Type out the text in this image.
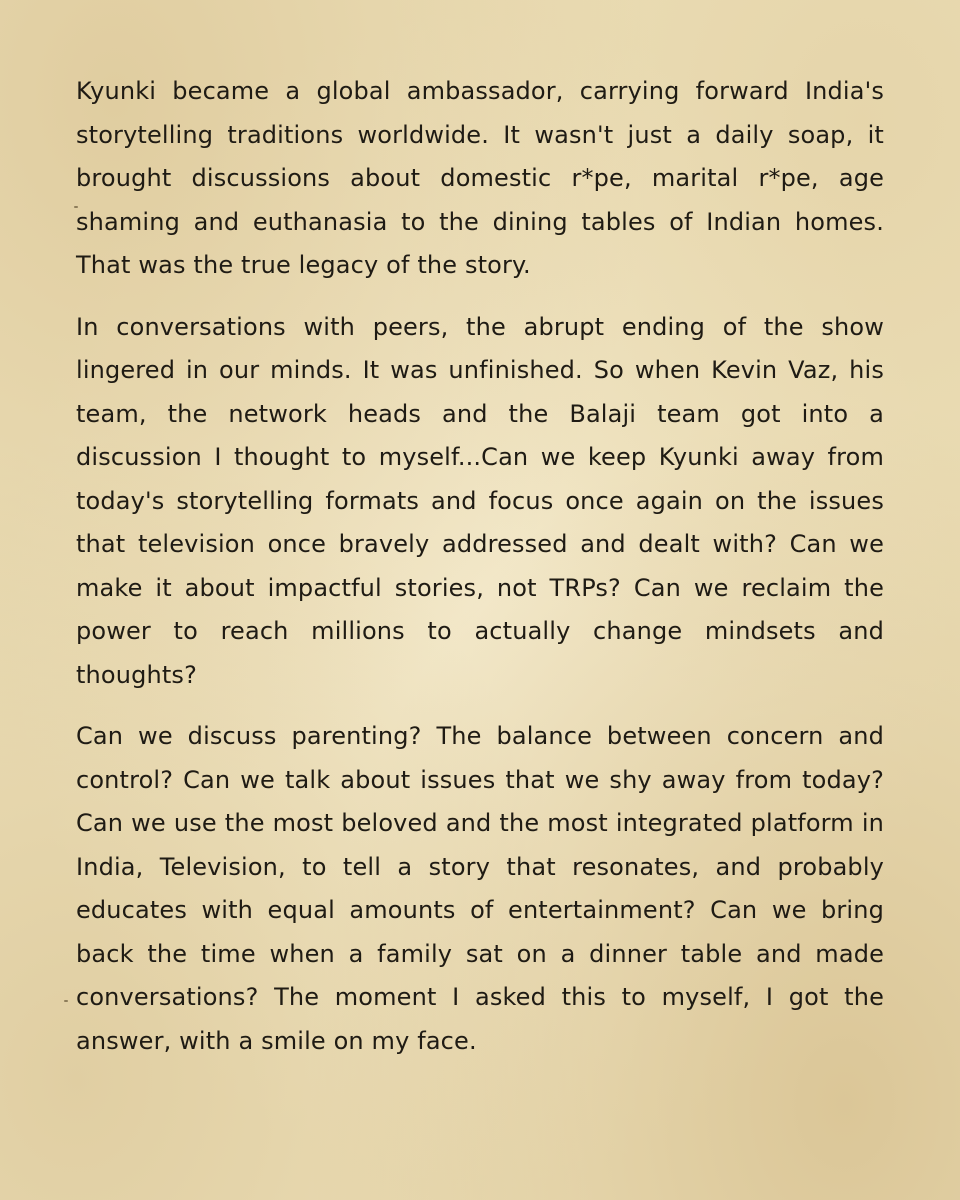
Kyunki became a global ambassador, carrying forward India's storytelling traditions worldwide. It wasn't just a daily soap, it brought discussions about domestic r*pe, marital r*pe, age shaming and euthanasia to the dining tables of Indian homes. That was the true legacy of the story.

In conversations with peers, the abrupt ending of the show lingered in our minds. It was unfinished. So when Kevin Vaz, his team, the network heads and the Balaji team got into a discussion I thought to myself...Can we keep Kyunki away from today's storytelling formats and focus once again on the issues that television once bravely addressed and dealt with? Can we make it about impactful stories, not TRPs? Can we reclaim the power to reach millions to actually change mindsets and thoughts?

Can we discuss parenting? The balance between concern and control? Can we talk about issues that we shy away from today? Can we use the most beloved and the most integrated platform in India, Television, to tell a story that resonates, and probably educates with equal amounts of entertainment? Can we bring back the time when a family sat on a dinner table and made conversations? The moment I asked this to myself, I got the answer, with a smile on my face.
